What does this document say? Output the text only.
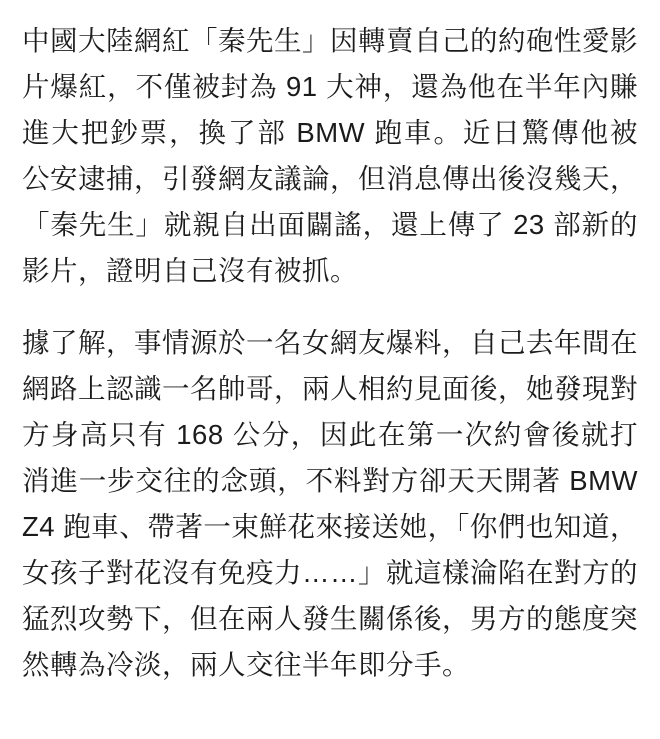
中國大陸網紅「秦先生」因轉賣自己的約砲性愛影片爆紅，不僅被封為 91 大神，還為他在半年內賺進大把鈔票，換了部 BMW 跑車。近日驚傳他被公安逮捕，引發網友議論，但消息傳出後沒幾天，「秦先生」就親自出面闢謠，還上傳了 23 部新的影片，證明自己沒有被抓。

據了解，事情源於一名女網友爆料，自己去年間在網路上認識一名帥哥，兩人相約見面後，她發現對方身高只有 168 公分，因此在第一次約會後就打消進一步交往的念頭，不料對方卻天天開著 BMW Z4 跑車、帶著一束鮮花來接送她，「你們也知道，女孩子對花沒有免疫力……」就這樣淪陷在對方的猛烈攻勢下，但在兩人發生關係後，男方的態度突然轉為冷淡，兩人交往半年即分手。
